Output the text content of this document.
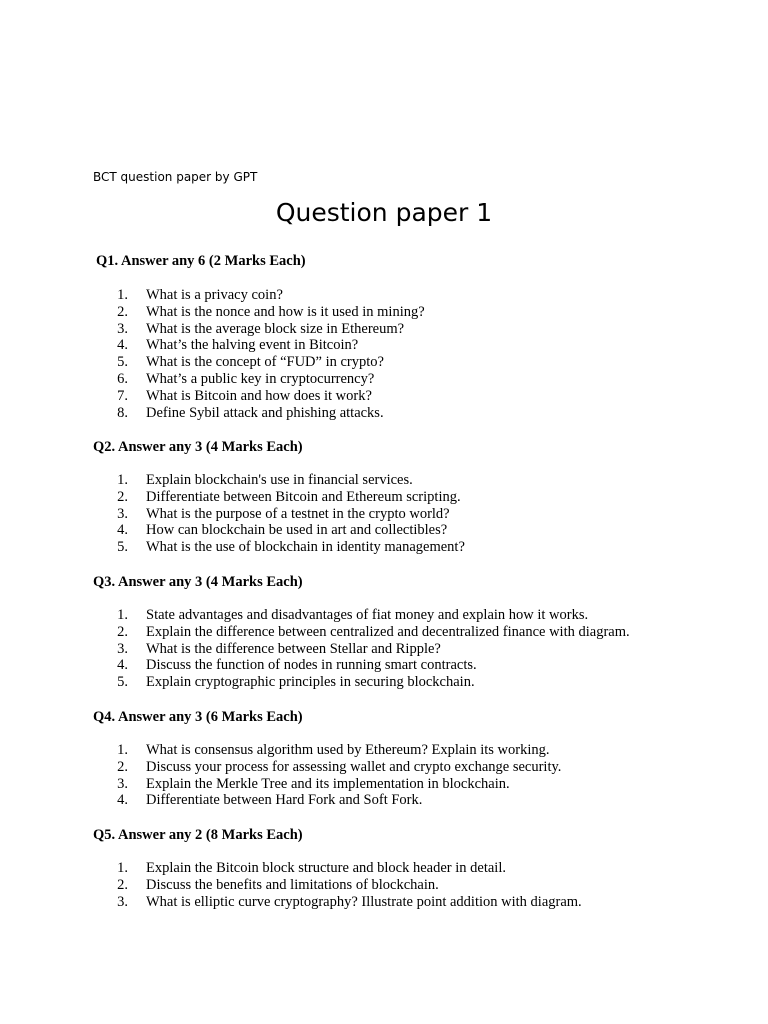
BCT question paper by GPT
Question paper 1
Q1. Answer any 6 (2 Marks Each)
1. What is a privacy coin?
2. What is the nonce and how is it used in mining?
3. What is the average block size in Ethereum?
4. What’s the halving event in Bitcoin?
5. What is the concept of “FUD” in crypto?
6. What’s a public key in cryptocurrency?
7. What is Bitcoin and how does it work?
8. Define Sybil attack and phishing attacks.
Q2. Answer any 3 (4 Marks Each)
1. Explain blockchain's use in financial services.
2. Differentiate between Bitcoin and Ethereum scripting.
3. What is the purpose of a testnet in the crypto world?
4. How can blockchain be used in art and collectibles?
5. What is the use of blockchain in identity management?
Q3. Answer any 3 (4 Marks Each)
1. State advantages and disadvantages of fiat money and explain how it works.
2. Explain the difference between centralized and decentralized finance with diagram.
3. What is the difference between Stellar and Ripple?
4. Discuss the function of nodes in running smart contracts.
5. Explain cryptographic principles in securing blockchain.
Q4. Answer any 3 (6 Marks Each)
1. What is consensus algorithm used by Ethereum? Explain its working.
2. Discuss your process for assessing wallet and crypto exchange security.
3. Explain the Merkle Tree and its implementation in blockchain.
4. Differentiate between Hard Fork and Soft Fork.
Q5. Answer any 2 (8 Marks Each)
1. Explain the Bitcoin block structure and block header in detail.
2. Discuss the benefits and limitations of blockchain.
3. What is elliptic curve cryptography? Illustrate point addition with diagram.
